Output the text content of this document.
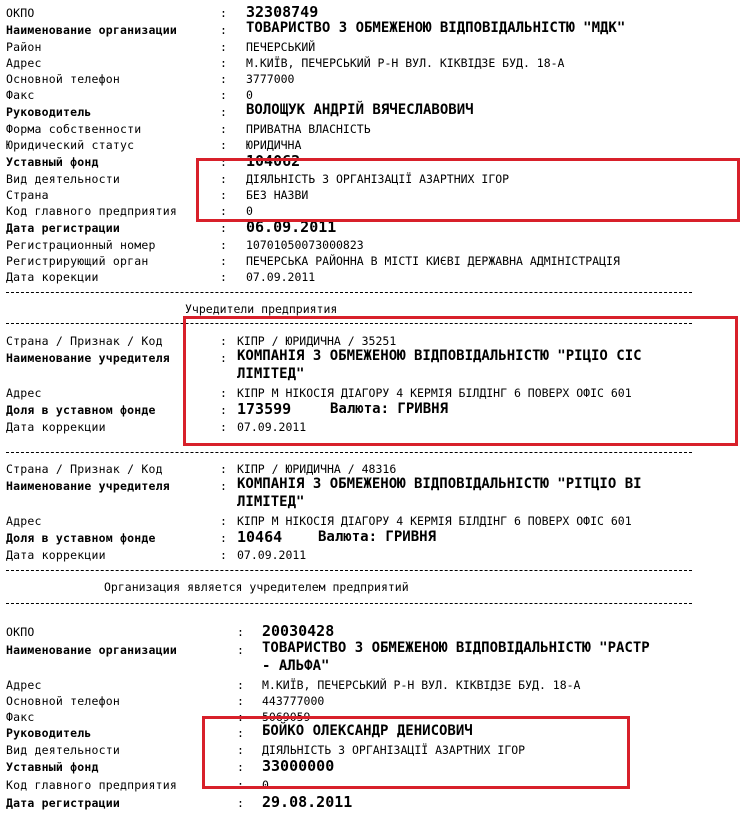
ОКПО	: 32308749
Наименование организации	: ТОВАРИСТВО З ОБМЕЖЕНОЮ ВІДПОВІДАЛЬНІСТЮ "МДК"
Район	: ПЕЧЕРСЬКИЙ
Адрес	: М.КИЇВ, ПЕЧЕРСЬКИЙ Р-Н ВУЛ. КІКВІДЗЕ БУД. 18-А
Основной телефон	: 3777000
Факс	: 0
Руководитель	: ВОЛОЩУК АНДРІЙ ВЯЧЕСЛАВОВИЧ
Форма собственности	: ПРИВАТНА ВЛАСНІСТЬ
Юридический статус	: ЮРИДИЧНА
Уставный фонд	: 104062
Вид деятельности	: ДІЯЛЬНІСТЬ З ОРГАНІЗАЦІЇ АЗАРТНИХ ІГОР
Страна	: БЕЗ НАЗВИ
Код главного предприятия	: 0
Дата регистрации	: 06.09.2011
Регистрационный номер	: 10701050073000823
Регистрирующий орган	: ПЕЧЕРСЬКА РАЙОННА В МІСТІ КИЄВІ ДЕРЖАВНА АДМІНІСТРАЦІЯ
Дата корекции	: 07.09.2011
Учредители предприятия
Страна / Признак / Код	: КІПР / ЮРИДИЧНА / 35251
Наименование учредителя	: КОМПАНІЯ З ОБМЕЖЕНОЮ ВІДПОВІДАЛЬНІСТЮ "РІЦІО СІС
ЛІМІТЕД"
Адрес	: КІПР М НІКОСІЯ ДІАГОРУ 4 КЕРМІЯ БІЛДІНГ 6 ПОВЕРХ ОФІС 601
Доля в уставном фонде	: 173599	Валюта: ГРИВНЯ
Дата коррекции	: 07.09.2011
Страна / Признак / Код	: КІПР / ЮРИДИЧНА / 48316
Наименование учредителя	: КОМПАНІЯ З ОБМЕЖЕНОЮ ВІДПОВІДАЛЬНІСТЮ "РІТЦІО ВІ
ЛІМІТЕД"
Адрес	: КІПР М НІКОСІЯ ДІАГОРУ 4 КЕРМІЯ БІЛДІНГ 6 ПОВЕРХ ОФІС 601
Доля в уставном фонде	: 10464	Валюта: ГРИВНЯ
Дата коррекции	: 07.09.2011
Организация является учредителем предприятий
ОКПО	: 20030428
Наименование организации	: ТОВАРИСТВО З ОБМЕЖЕНОЮ ВІДПОВІДАЛЬНІСТЮ "РАСТР
- АЛЬФА"
Адрес	: М.КИЇВ, ПЕЧЕРСЬКИЙ Р-Н ВУЛ. КІКВІДЗЕ БУД. 18-А
Основной телефон	: 443777000
Факс	: 5069059
Руководитель	: БОЙКО ОЛЕКСАНДР ДЕНИСОВИЧ
Вид деятельности	: ДІЯЛЬНІСТЬ З ОРГАНІЗАЦІЇ АЗАРТНИХ ІГОР
Уставный фонд	: 33000000
Код главного предприятия	: 0
Дата регистрации	: 29.08.2011
